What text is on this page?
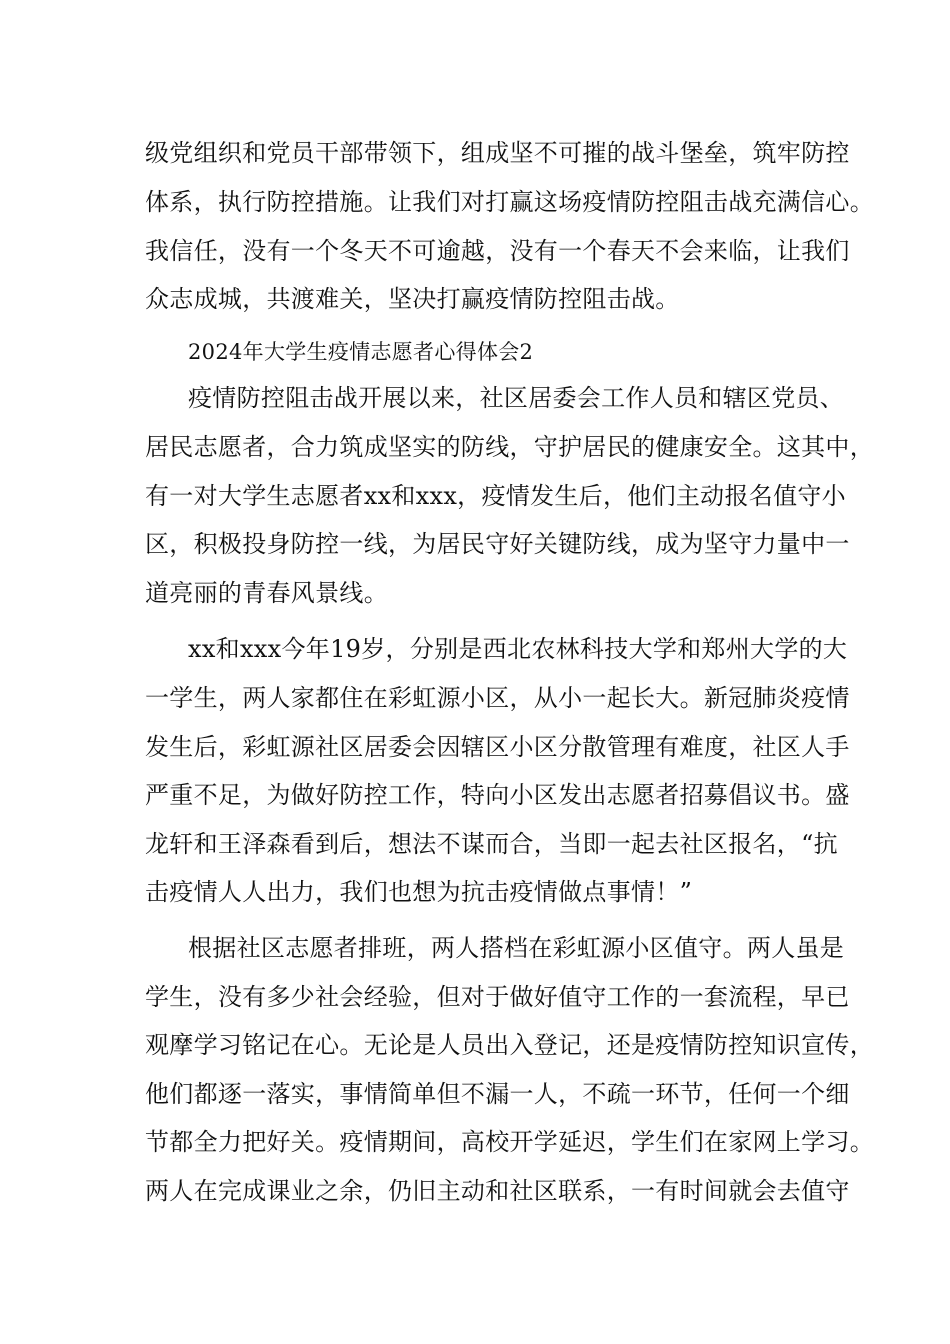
级党组织和党员干部带领下，组成坚不可摧的战斗堡垒，筑牢防控
体系，执行防控措施。让我们对打赢这场疫情防控阻击战充满信心。
我信任，没有一个冬天不可逾越，没有一个春天不会来临，让我们
众志成城，共渡难关，坚决打赢疫情防控阻击战。
2024年大学生疫情志愿者心得体会2
疫情防控阻击战开展以来，社区居委会工作人员和辖区党员、
居民志愿者，合力筑成坚实的防线，守护居民的健康安全。这其中，
有一对大学生志愿者xx和xxx，疫情发生后，他们主动报名值守小
区，积极投身防控一线，为居民守好关键防线，成为坚守力量中一
道亮丽的青春风景线。
xx和xxx今年19岁，分别是西北农林科技大学和郑州大学的大
一学生，两人家都住在彩虹源小区，从小一起长大。新冠肺炎疫情
发生后，彩虹源社区居委会因辖区小区分散管理有难度，社区人手
严重不足，为做好防控工作，特向小区发出志愿者招募倡议书。盛
龙轩和王泽森看到后，想法不谋而合，当即一起去社区报名，“抗
击疫情人人出力，我们也想为抗击疫情做点事情！”
根据社区志愿者排班，两人搭档在彩虹源小区值守。两人虽是
学生，没有多少社会经验，但对于做好值守工作的一套流程，早已
观摩学习铭记在心。无论是人员出入登记，还是疫情防控知识宣传，
他们都逐一落实，事情简单但不漏一人，不疏一环节，任何一个细
节都全力把好关。疫情期间，高校开学延迟，学生们在家网上学习。
两人在完成课业之余，仍旧主动和社区联系，一有时间就会去值守
